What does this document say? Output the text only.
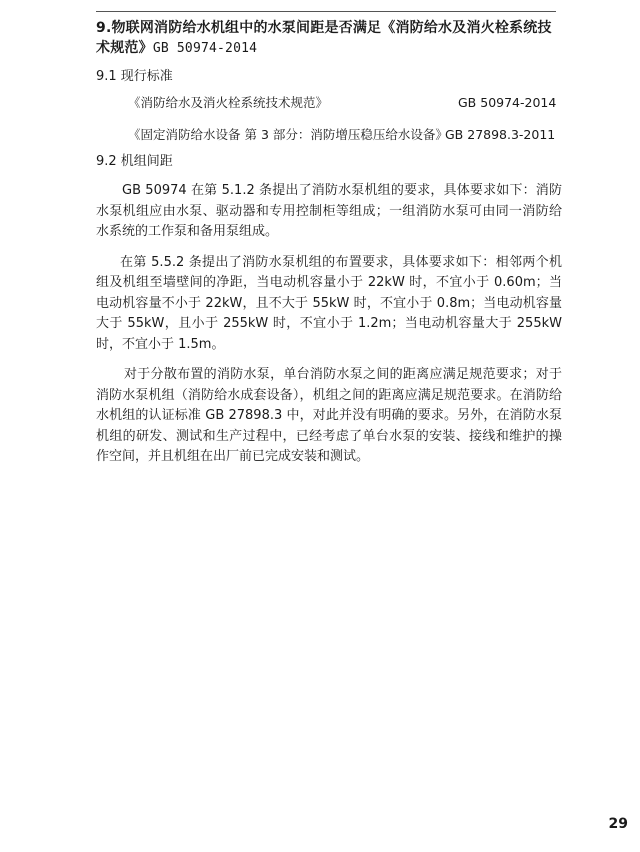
9.物联网消防给水机组中的水泵间距是否满足《消防给水及消火栓系统技术规范》GB 50974-2014
9.1 现行标准
《消防给水及消火栓系统技术规范》	GB 50974-2014
《固定消防给水设备 第 3 部分：消防增压稳压给水设备》
GB 27898.3-2011
9.2 机组间距

GB 50974 在第 5.1.2 条提出了消防水泵机组的要求，具体要求如下：消防水泵机组应由水泵、驱动器和专用控制柜等组成；一组消防水泵可由同一消防给水系统的工作泵和备用泵组成。

在第 5.5.2 条提出了消防水泵机组的布置要求，具体要求如下：相邻两个机组及机组至墙壁间的净距，当电动机容量小于 22kW 时，不宜小于 0.60m；当电动机容量不小于 22kW，且不大于 55kW 时，不宜小于 0.8m；当电动机容量大于 55kW，且小于 255kW 时，不宜小于 1.2m；当电动机容量大于 255kW 时，不宜小于 1.5m。

对于分散布置的消防水泵，单台消防水泵之间的距离应满足规范要求；对于消防水泵机组（消防给水成套设备），机组之间的距离应满足规范要求。在消防给水机组的认证标准 GB 27898.3 中，对此并没有明确的要求。另外，在消防水泵机组的研发、测试和生产过程中，已经考虑了单台水泵的安装、接线和维护的操作空间，并且机组在出厂前已完成安装和测试。

29
